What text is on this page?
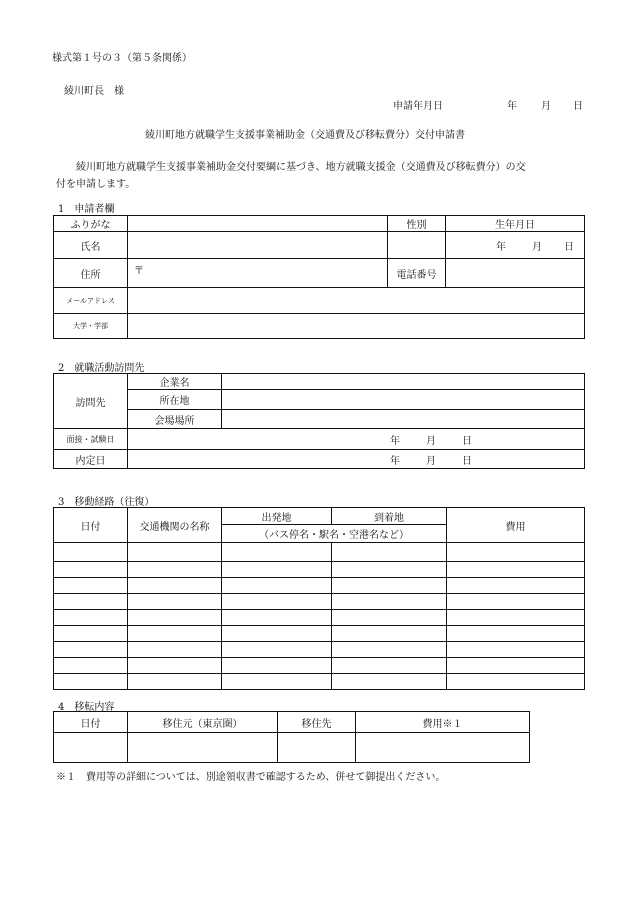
様式第１号の３（第５条関係）
綾川町長　様
申請年月日	年 月 日
綾川町地方就職学生支援事業補助金（交通費及び移転費分）交付申請書
綾川町地方就職学生支援事業補助金交付要綱に基づき、地方就職支援金（交通費及び移転費分）の交
付を申請します。
1　申請者欄
ふりがな		性別	生年月日
氏名			年 月 日
住所	〒	電話番号	
メールアドレス			
大学・学部			
2　就職活動訪問先
訪問先	企業名	
	所在地	
	会場場所	
面接・試験日	年 月 日	
内定日	年 月 日	
3　移動経路（往復）
日付	交通機関の名称	出発地	到着地	費用
		（バス停名・駅名・空港名など）		

4　移転内容
日付	移住元（東京圏）	移住先	費用※１

※１　費用等の詳細については、別途領収書で確認するため、併せて御提出ください。
